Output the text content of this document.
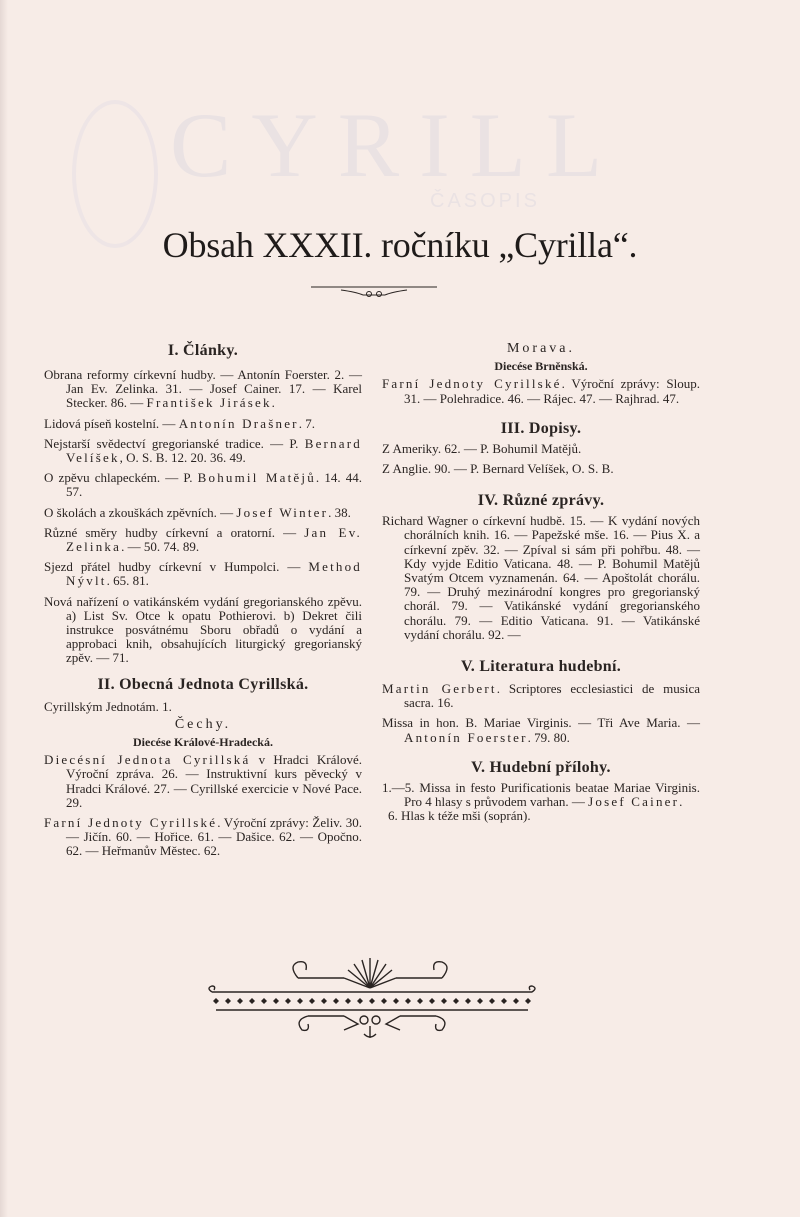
CYRILL
ČASOPIS
Obsah XXXII. ročníku „Cyrilla“.
I. Články.

Obrana reformy církevní hudby. — Antonín Foerster. 2. — Jan Ev. Zelinka. 31. — Josef Cainer. 17. — Karel Stecker. 86. — František Jirásek.

Lidová píseň kostelní. — Antonín Drašner. 7.

Nejstarší svědectví gregorianské tradice. — P. Bernard Velíšek, O. S. B. 12. 20. 36. 49.

O zpěvu chlapeckém. — P. Bohumil Matějů. 14. 44. 57.

O školách a zkouškách zpěvních. — Josef Winter. 38.

Různé směry hudby církevní a oratorní. — Jan Ev. Zelinka. — 50. 74. 89.

Sjezd přátel hudby církevní v Humpolci. — Method Nývlt. 65. 81.

Nová nařízení o vatikánském vydání gregorianského zpěvu. a) List Sv. Otce k opatu Pothierovi. b) Dekret čili instrukce posvátnému Sboru obřadů o vydání a approbaci knih, obsahujících liturgický gregorianský zpěv. — 71.

II. Obecná Jednota Cyrillská.

Cyrillským Jednotám. 1.

Čechy.
Diecése Králové-Hradecká.

Diecésní Jednota Cyrillská v Hradci Králové. Výroční zpráva. 26. — Instruktivní kurs pěvecký v Hradci Králové. 27. — Cyrillské exercicie v Nové Pace. 29.

Farní Jednoty Cyrillské. Výroční zprávy: Želiv. 30. — Jičín. 60. — Hořice. 61. — Dašice. 62. — Opočno. 62. — Heřmanův Městec. 62.

Morava.
Diecése Brněnská.

Farní Jednoty Cyrillské. Výroční zprávy: Sloup. 31. — Polehradice. 46. — Rájec. 47. — Rajhrad. 47.

III. Dopisy.

Z Ameriky. 62. — P. Bohumil Matějů.

Z Anglie. 90. — P. Bernard Velíšek, O. S. B.

IV. Různé zprávy.

Richard Wagner o církevní hudbě. 15. — K vydání nových chorálních knih. 16. — Papežské mše. 16. — Pius X. a církevní zpěv. 32. — Zpíval si sám při pohřbu. 48. — Kdy vyjde Editio Vaticana. 48. — P. Bohumil Matějů Svatým Otcem vyznamenán. 64. — Apoštolát chorálu. 79. — Druhý mezinárodní kongres pro gregorianský chorál. 79. — Vatikánské vydání gregorianského chorálu. 79. — Editio Vaticana. 91. — Vatikánské vydání chorálu. 92. —

V. Literatura hudební.

Martin Gerbert. Scriptores ecclesiastici de musica sacra. 16.

Missa in hon. B. Mariae Virginis. — Tři Ave Maria. — Antonín Foerster. 79. 80.

V. Hudební přílohy.

1.—5. Missa in festo Purificationis beatae Mariae Virginis. Pro 4 hlasy s průvodem varhan. — Josef Cainer.

6. Hlas k téže mši (soprán).
